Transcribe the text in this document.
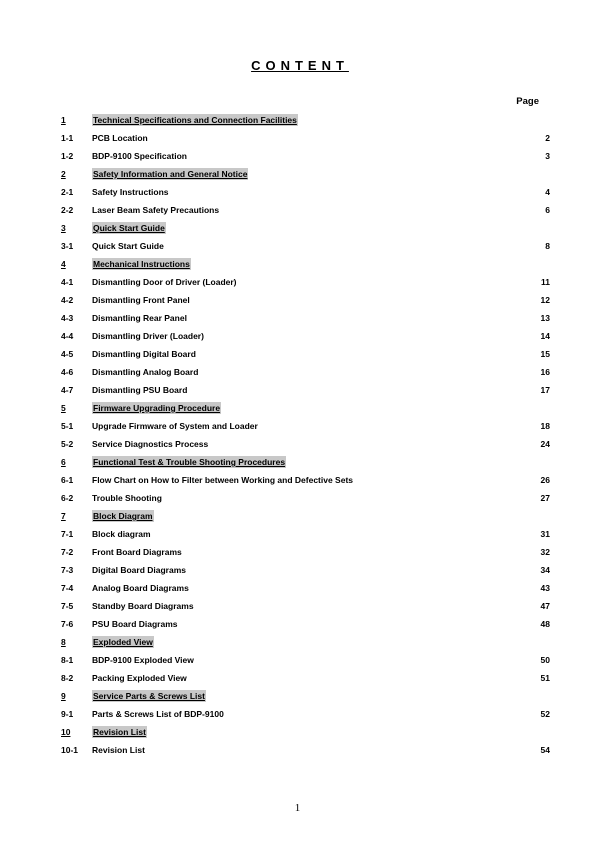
CONTENT
Page
1	Technical Specifications and Connection Facilities
1-1 PCB Location	2
1-2 BDP-9100 Specification	3
2	Safety Information and General Notice
2-1 Safety Instructions	4
2-2 Laser Beam Safety Precautions	6
3	Quick Start Guide
3-1 Quick Start Guide	8
4	Mechanical Instructions
4-1 Dismantling Door of Driver (Loader)	11
4-2 Dismantling Front Panel	12
4-3 Dismantling Rear Panel	13
4-4 Dismantling Driver (Loader)	14
4-5 Dismantling Digital Board	15
4-6 Dismantling Analog Board	16
4-7 Dismantling PSU Board	17
5	Firmware Upgrading Procedure
5-1 Upgrade Firmware of System and Loader	18
5-2 Service Diagnostics Process	24
6	Functional Test & Trouble Shooting Procedures
6-1 Flow Chart on How to Filter between Working and Defective Sets	26
6-2 Trouble Shooting	27
7	Block Diagram
7-1 Block diagram	31
7-2 Front Board Diagrams	32
7-3 Digital Board Diagrams	34
7-4 Analog Board Diagrams	43
7-5 Standby Board Diagrams	47
7-6 PSU Board Diagrams	48
8	Exploded View
8-1 BDP-9100 Exploded View	50
8-2 Packing Exploded View	51
9	Service Parts & Screws List
9-1 Parts & Screws List of BDP-9100	52
10	Revision List
10-1 Revision List	54
1
